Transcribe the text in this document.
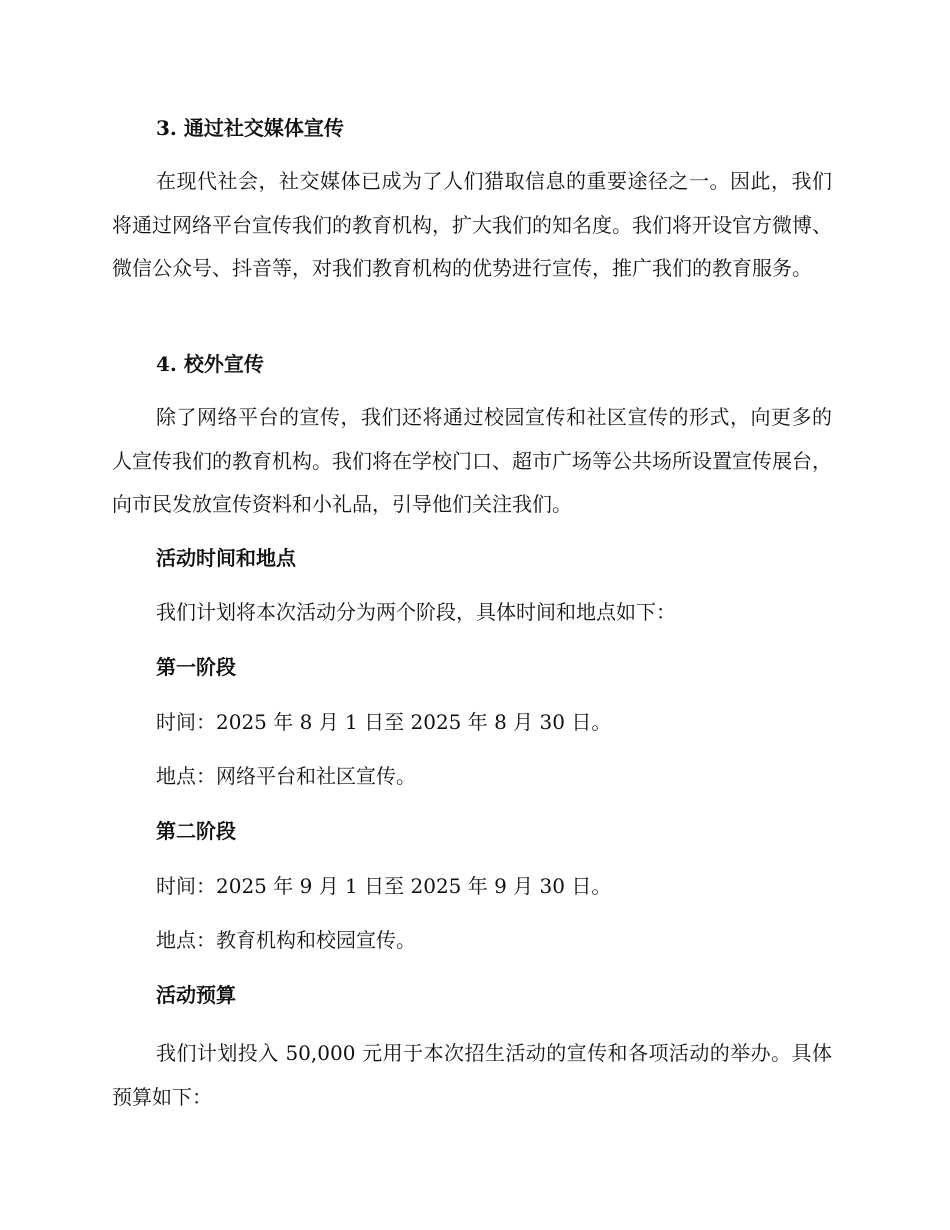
3. 通过社交媒体宣传
在现代社会，社交媒体已成为了人们猎取信息的重要途径之一。因此，我们将通过网络平台宣传我们的教育机构，扩大我们的知名度。我们将开设官方微博、微信公众号、抖音等，对我们教育机构的优势进行宣传，推广我们的教育服务。
4. 校外宣传
除了网络平台的宣传，我们还将通过校园宣传和社区宣传的形式，向更多的人宣传我们的教育机构。我们将在学校门口、超市广场等公共场所设置宣传展台，向市民发放宣传资料和小礼品，引导他们关注我们。
活动时间和地点
我们计划将本次活动分为两个阶段，具体时间和地点如下：
第一阶段
时间：2025 年 8 月 1 日至 2025 年 8 月 30 日。
地点：网络平台和社区宣传。
第二阶段
时间：2025 年 9 月 1 日至 2025 年 9 月 30 日。
地点：教育机构和校园宣传。
活动预算
我们计划投入 50,000 元用于本次招生活动的宣传和各项活动的举办。具体预算如下：
